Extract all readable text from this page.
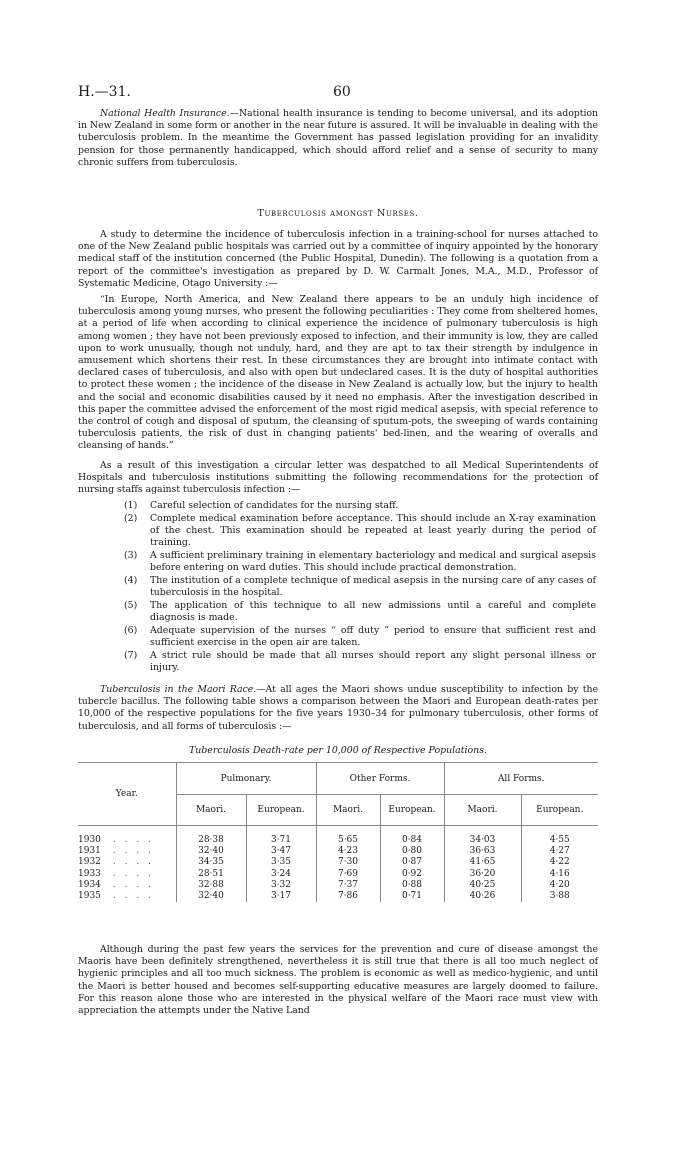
H.—31.	60

National Health Insurance.—National health insurance is tending to become universal, and its adoption in New Zealand in some form or another in the near future is assured. It will be invaluable in dealing with the tuberculosis problem. In the meantime the Government has passed legislation providing for an invalidity pension for those permanently handicapped, which should afford relief and a sense of security to many chronic suffers from tuberculosis.

Tuberculosis amongst Nurses.

A study to determine the incidence of tuberculosis infection in a training-school for nurses attached to one of the New Zealand public hospitals was carried out by a committee of inquiry appointed by the honorary medical staff of the institution concerned (the Public Hospital, Dunedin). The following is a quotation from a report of the committee's investigation as prepared by D. W. Carmalt Jones, M.A., M.D., Professor of Systematic Medicine, Otago University :—

“In Europe, North America, and New Zealand there appears to be an unduly high incidence of tuberculosis among young nurses, who present the following peculiarities : They come from sheltered homes, at a period of life when according to clinical experience the incidence of pulmonary tuberculosis is high among women ; they have not been previously exposed to infection, and their immunity is low, they are called upon to work unusually, though not unduly, hard, and they are apt to tax their strength by indulgence in amusement which shortens their rest. In these circumstances they are brought into intimate contact with declared cases of tuberculosis, and also with open but undeclared cases. It is the duty of hospital authorities to protect these women ; the incidence of the disease in New Zealand is actually low, but the injury to health and the social and economic disabilities caused by it need no emphasis. After the investigation described in this paper the committee advised the enforcement of the most rigid medical asepsis, with special reference to the control of cough and disposal of sputum, the cleansing of sputum-pots, the sweeping of wards containing tuberculosis patients, the risk of dust in changing patients' bed-linen, and the wearing of overalls and cleansing of hands.”

As a result of this investigation a circular letter was despatched to all Medical Superintendents of Hospitals and tuberculosis institutions submitting the following recommendations for the protection of nursing staffs against tuberculosis infection :—

(1) Careful selection of candidates for the nursing staff.
(2) Complete medical examination before acceptance. This should include an X-ray examination of the chest. This examination should be repeated at least yearly during the period of training.
(3) A sufficient preliminary training in elementary bacteriology and medical and surgical asepsis before entering on ward duties. This should include practical demonstration.
(4) The institution of a complete technique of medical asepsis in the nursing care of any cases of tuberculosis in the hospital.
(5) The application of this technique to all new admissions until a careful and complete diagnosis is made.
(6) Adequate supervision of the nurses “ off duty ” period to ensure that sufficient rest and sufficient exercise in the open air are taken.
(7) A strict rule should be made that all nurses should report any slight personal illness or injury.

Tuberculosis in the Maori Race.—At all ages the Maori shows undue susceptibility to infection by the tubercle bacillus. The following table shows a comparison between the Maori and European death-rates per 10,000 of the respective populations for the five years 1930–34 for pulmonary tuberculosis, other forms of tuberculosis, and all forms of tuberculosis :—

Tuberculosis Death-rate per 10,000 of Respective Populations.
Year.	Pulmonary.		Other Forms.		All Forms.	
	Maori.	European.	Maori.	European.	Maori.	European.
1930 . . . .	28·38	3·71	5·65	0·84	34·03	4·55
1931 . . . .	32·40	3·47	4·23	0·80	36·63	4·27
1932 . . . .	34·35	3·35	7·30	0·87	41·65	4·22
1933 . . . .	28·51	3·24	7·69	0·92	36·20	4·16
1934 . . . .	32·88	3·32	7·37	0·88	40·25	4·20
1935 . . . .	32·40	3·17	7·86	0·71	40·26	3·88

Although during the past few years the services for the prevention and cure of disease amongst the Maoris have been definitely strengthened, nevertheless it is still true that there is all too much neglect of hygienic principles and all too much sickness. The problem is economic as well as medico-hygienic, and until the Maori is better housed and becomes self-supporting educative measures are largely doomed to failure. For this reason alone those who are interested in the physical welfare of the Maori race must view with appreciation the attempts under the Native Land
